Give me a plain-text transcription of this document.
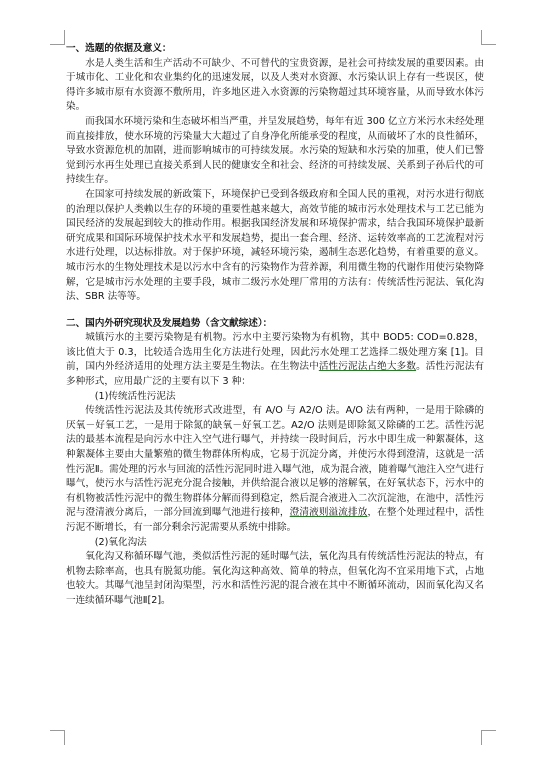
一、选题的依据及意义：

水是人类生活和生产活动不可缺少、不可替代的宝贵资源，是社会可持续发展的重要因素。由于城市化、工业化和农业集约化的迅速发展，以及人类对水资源、水污染认识上存有一些误区，使得许多城市原有水资源不敷所用，许多地区进入水资源的污染物超过其环境容量，从而导致水体污染。

而我国水环境污染和生态破坏相当严重，并呈发展趋势，每年有近 300 亿立方米污水未经处理而直接排放，使水环境的污染量大大超过了自身净化所能承受的程度，从而破坏了水的良性循环，导致水资源危机的加剧，进而影响城市的可持续发展。水污染的短缺和水污染的加重，使人们已警觉到污水再生处理已直接关系到人民的健康安全和社会、经济的可持续发展、关系到子孙后代的可持续生存。

在国家可持续发展的新政策下，环境保护已受到各级政府和全国人民的重视，对污水进行彻底的治理以保护人类赖以生存的环境的重要性越来越大，高效节能的城市污水处理技术与工艺已能为国民经济的发展起到较大的推动作用。根据我国经济发展和环境保护需求，结合我国环境保护最新研究成果和国际环境保护技术水平和发展趋势，提出一套合理、经济、运转效率高的工艺流程对污水进行处理，以达标排放。对于保护环境，减轻环境污染，遏制生态恶化趋势，有着重要的意义。城市污水的生物处理技术是以污水中含有的污染物作为营养源，利用微生物的代谢作用使污染物降解，它是城市污水处理的主要手段，城市二级污水处理厂常用的方法有：传统活性污泥法、氧化沟法、SBR 法等等。

二、国内外研究现状及发展趋势（含文献综述）：

城镇污水的主要污染物是有机物。污水中主要污染物为有机物，其中 BOD5: COD=0.828，该比值大于 0.3，比较适合选用生化方法进行处理，因此污水处理工艺选择二级处理方案 [1]。目前，国内外经济适用的处理方法主要是生物法。在生物法中活性污泥法占绝大多数。活性污泥法有多种形式，应用最广泛的主要有以下 3 种：

(1)传统活性污泥法

传统活性污泥法及其传统形式改进型，有 A/O 与 A2/O 法。A/O 法有两种，一是用于除磷的厌氧－好氧工艺，一是用于除氮的缺氧－好氧工艺。A2/O 法则是即除氮又除磷的工艺。活性污泥法的最基本流程是向污水中注入空气进行曝气，并持续一段时间后，污水中即生成一种絮凝体，这种絮凝体主要由大量繁殖的微生物群体所构成，它易于沉淀分离，并使污水得到澄清，这就是一活性污泥Ⅱ。需处理的污水与回流的活性污泥同时进入曝气池，成为混合液，随着曝气池注入空气进行曝气，使污水与活性污泥充分混合接触，并供给混合液以足够的溶解氧，在好氧状态下，污水中的有机物被活性污泥中的微生物群体分解而得到稳定，然后混合液进入二次沉淀池，在池中，活性污泥与澄清液分离后，一部分回流到曝气池进行接种，澄清液则溢流排放，在整个处理过程中，活性污泥不断增长，有一部分剩余污泥需要从系统中排除。

(2)氧化沟法

氧化沟又称循环曝气池，类似活性污泥的延时曝气法，氧化沟具有传统活性污泥法的特点，有机物去除率高，也具有脱氮功能。氧化沟这种高效、简单的特点，但氧化沟不宜采用地下式，占地也较大。其曝气池呈封闭沟渠型，污水和活性污泥的混合液在其中不断循环流动，因而氧化沟又名一连续循环曝气池Ⅱ[2]。
